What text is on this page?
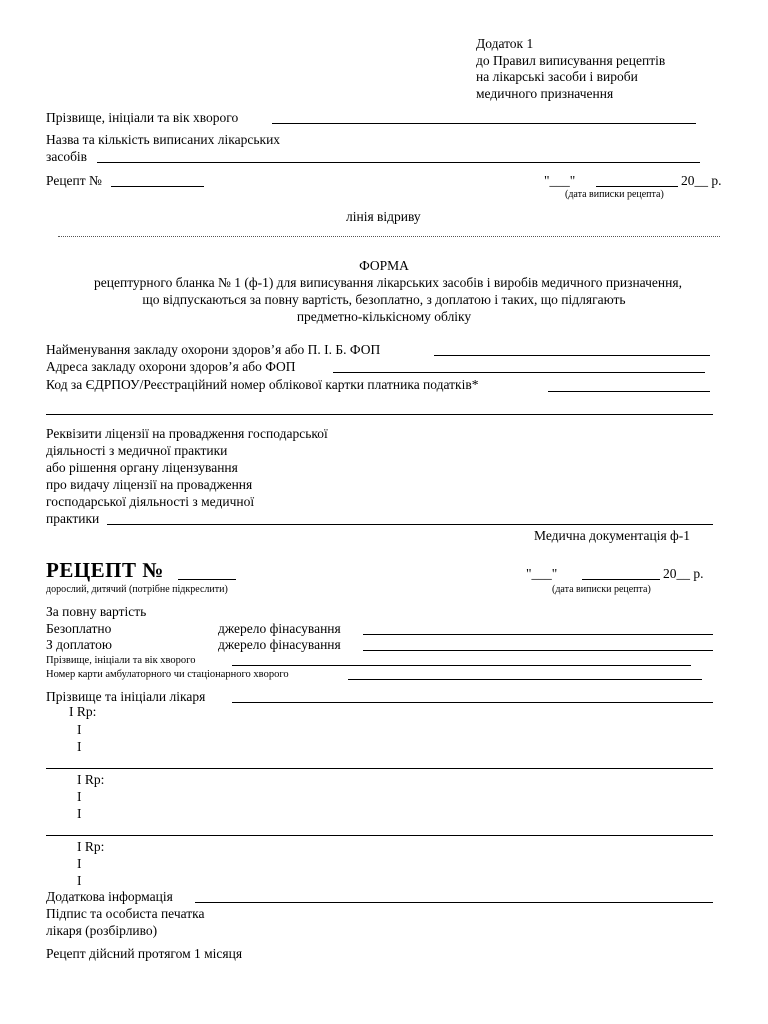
Додаток 1
до Правил виписування рецептів
на лікарські засоби і вироби
медичного призначення
Прізвище, ініціали та вік хворого
Назва та кількість виписаних лікарських
засобів
Рецепт №	"___"	20__ р.
(дата виписки рецепта)
лінія відриву
ФОРМА
рецептурного бланка № 1 (ф-1) для виписування лікарських засобів і виробів медичного призначення,
що відпускаються за повну вартість, безоплатно, з доплатою і таких, що підлягають
предметно-кількісному обліку
Найменування закладу охорони здоров’я або П. І. Б. ФОП
Адреса закладу охорони здоров’я або ФОП
Код за ЄДРПОУ/Реєстраційний номер облікової картки платника податків*
Реквізити ліцензії на провадження господарської
діяльності з медичної практики
або рішення органу ліцензування
про видачу ліцензії на провадження
господарської діяльності з медичної
практики
Медична документація ф-1
РЕЦЕПТ №
дорослий, дитячий (потрібне підкреслити)
"___"	20__ р.
(дата виписки рецепта)
За повну вартість
Безоплатно	джерело фінасування
З доплатою	джерело фінасування
Прізвище, ініціали та вік хворого
Номер карти амбулаторного чи стаціонарного хворого
Прізвище та ініціали лікаря
I Rp:
I
I
I Rp:
I
I
I Rp:
I
I
Додаткова інформація
Підпис та особиста печатка
лікаря (розбірливо)
Рецепт дійсний протягом 1 місяця
